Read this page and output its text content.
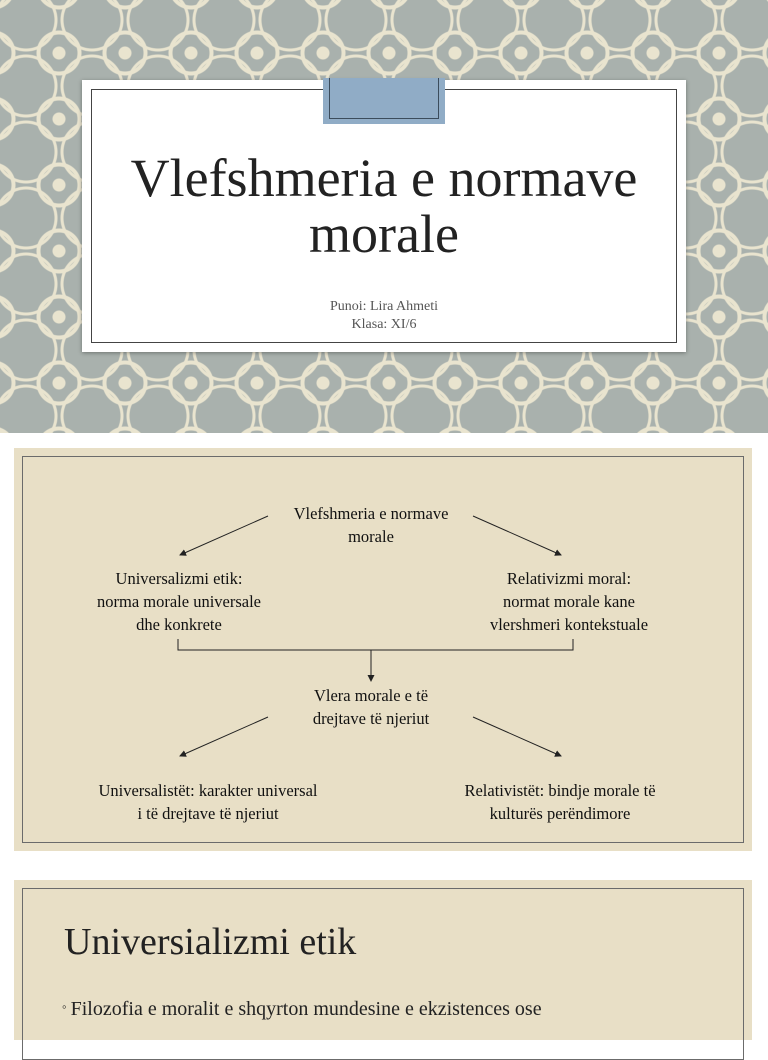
Vlefshmeria e normave
morale
Punoi: Lira Ahmeti
Klasa: XI/6
Vlefshmeria e normave
morale
Universalizmi etik:
norma morale universale
dhe konkrete
Relativizmi moral:
normat morale kane
vlershmeri kontekstuale
Vlera morale e të
drejtave të njeriut
Universalistët: karakter universal
i të drejtave të njeriut
Relativistët: bindje morale të
kulturës perëndimore
Universializmi etik
◦ Filozofia e moralit e shqyrton mundesine e ekzistences ose
